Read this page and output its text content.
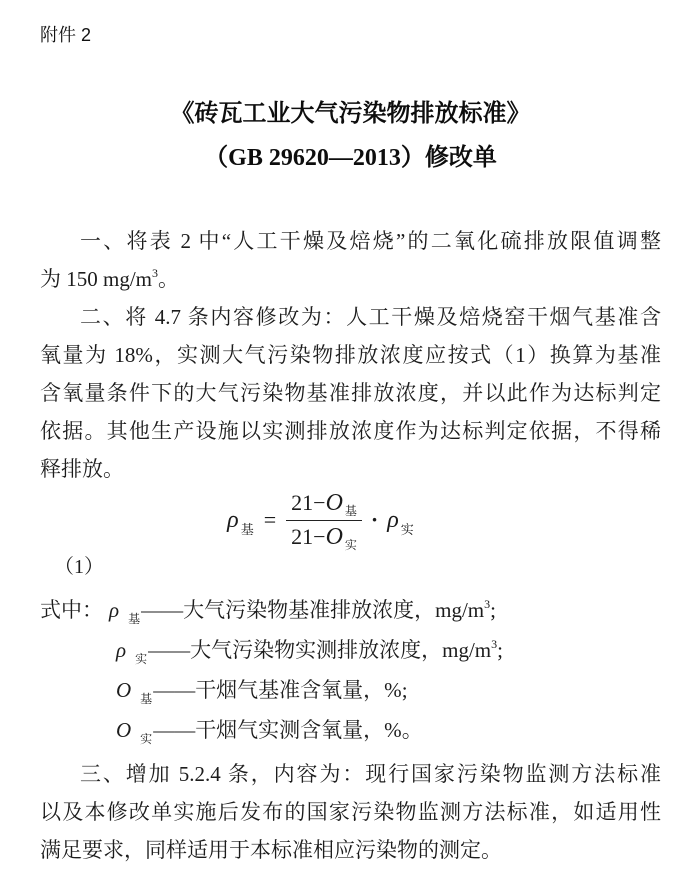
附件 2
《砖瓦工业大气污染物排放标准》
（GB 29620—2013）修改单
一、将表 2 中“人工干燥及焙烧”的二氧化硫排放限值调整
为 150 $mg/m^3$。
二、将 4.7 条内容修改为：人工干燥及焙烧窑干烟气基准含
氧量为 18%，实测大气污染物排放浓度应按式（1）换算为基准
含氧量条件下的大气污染物基准排放浓度，并以此作为达标判定
依据。其他生产设施以实测排放浓度作为达标判定依据，不得稀
释排放。
ρ 基 = $\frac{21-O _基}{21-O _实} \cdot \rho$ 实
（1）
式中： ρ $_基$——大气污染物基准排放浓度，$mg/m^3$;
ρ $_实$——大气污染物实测排放浓度，$mg/m^3$;
O $_基$——干烟气基准含氧量，%;
O $_实$——干烟气实测含氧量，%。
三、增加 5.2.4 条，内容为：现行国家污染物监测方法标准
以及本修改单实施后发布的国家污染物监测方法标准，如适用性
满足要求，同样适用于本标准相应污染物的测定。
